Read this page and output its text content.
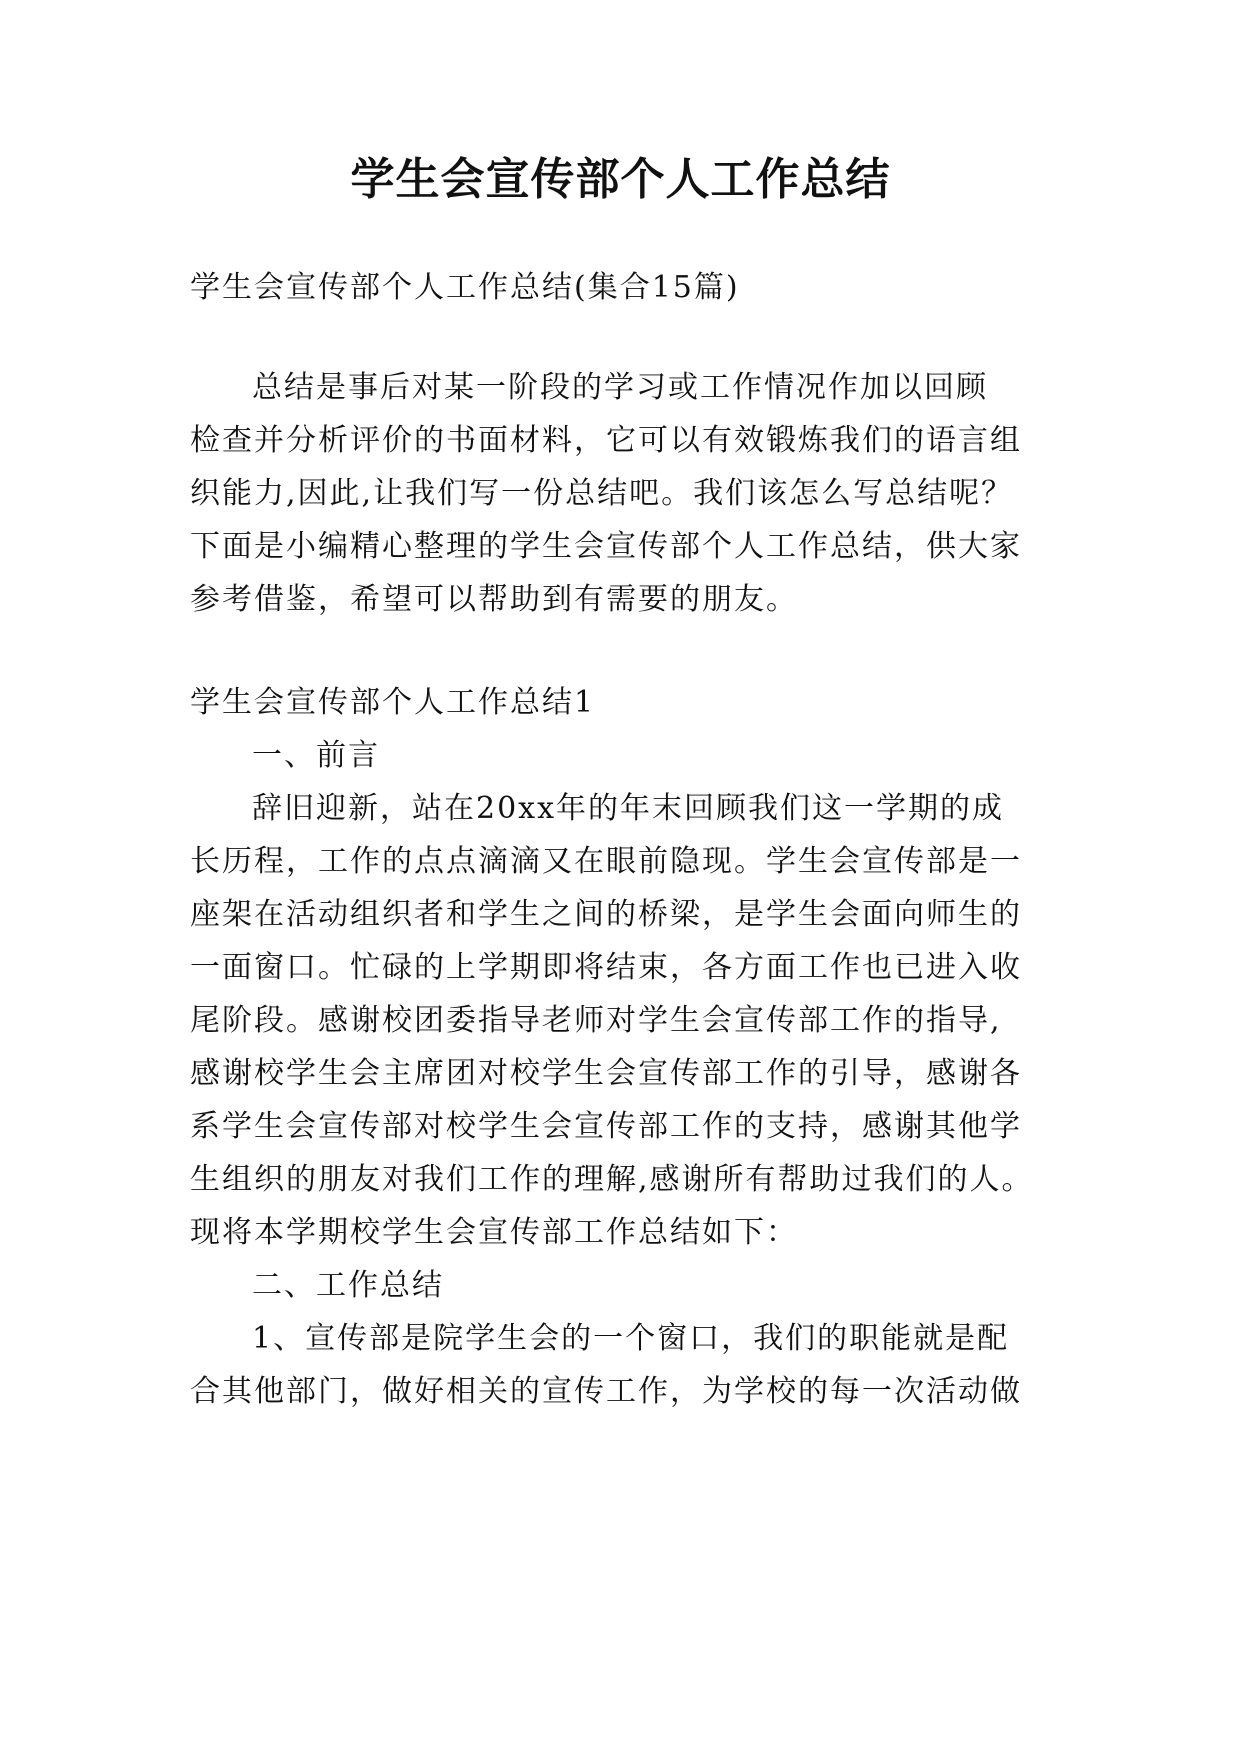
学生会宣传部个人工作总结

学生会宣传部个人工作总结(集合15篇)

总结是事后对某一阶段的学习或工作情况作加以回顾

检查并分析评价的书面材料，它可以有效锻炼我们的语言组

织能力,因此,让我们写一份总结吧。我们该怎么写总结呢？

下面是小编精心整理的学生会宣传部个人工作总结，供大家

参考借鉴，希望可以帮助到有需要的朋友。

学生会宣传部个人工作总结1

一、前言

辞旧迎新，站在20xx年的年末回顾我们这一学期的成

长历程，工作的点点滴滴又在眼前隐现。学生会宣传部是一

座架在活动组织者和学生之间的桥梁，是学生会面向师生的

一面窗口。忙碌的上学期即将结束，各方面工作也已进入收

尾阶段。感谢校团委指导老师对学生会宣传部工作的指导,

感谢校学生会主席团对校学生会宣传部工作的引导，感谢各

系学生会宣传部对校学生会宣传部工作的支持，感谢其他学

生组织的朋友对我们工作的理解,感谢所有帮助过我们的人。

现将本学期校学生会宣传部工作总结如下：

二、工作总结

1、宣传部是院学生会的一个窗口，我们的职能就是配

合其他部门，做好相关的宣传工作，为学校的每一次活动做
